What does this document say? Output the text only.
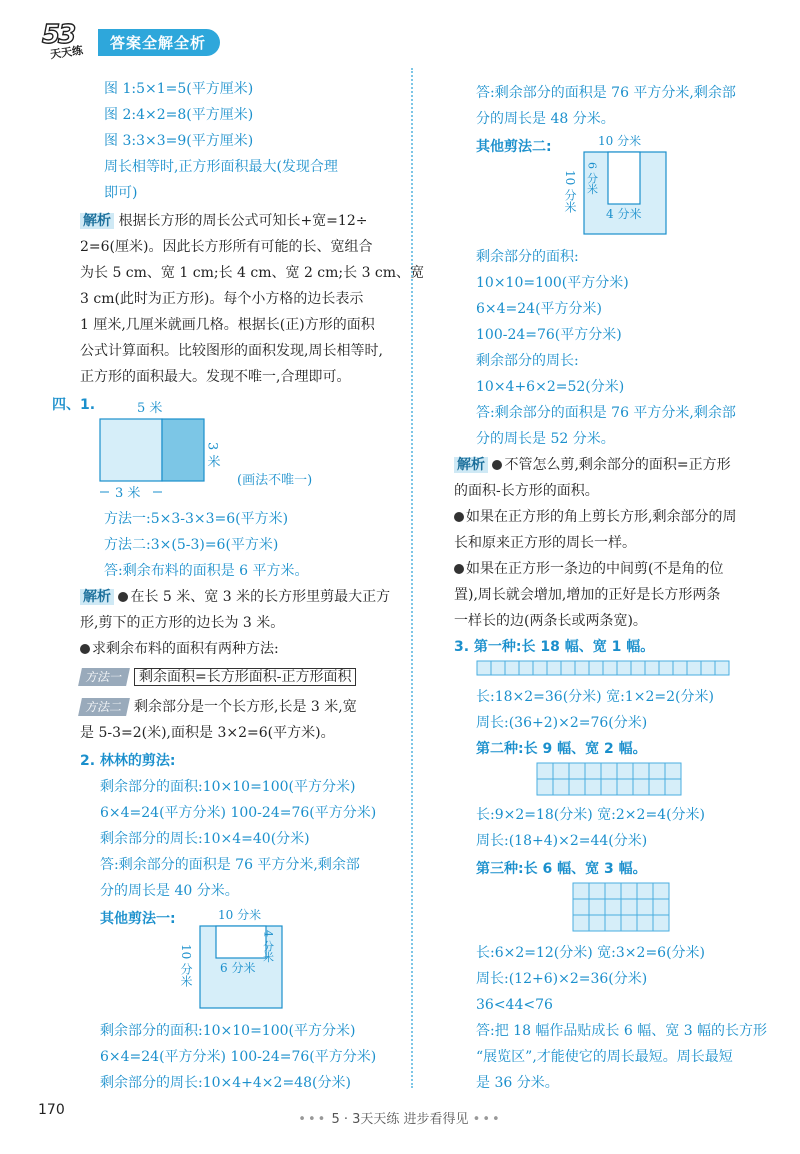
53
天天练
答案全解全析
图 1:5×1=5(平方厘米)
图 2:4×2=8(平方厘米)
图 3:3×3=9(平方厘米)
周长相等时,正方形面积最大(发现合理
即可)
解析 根据长方形的周长公式可知长+宽=12÷
2=6(厘米)。因此长方形所有可能的长、宽组合
为长 5 cm、宽 1 cm;长 4 cm、宽 2 cm;长 3 cm、宽
3 cm(此时为正方形)。每个小方格的边长表示
1 厘米,几厘米就画几格。根据长(正)方形的面积
公式计算面积。比较图形的面积发现,周长相等时,
正方形的面积最大。发现不唯一,合理即可。
四、1.	5 米
3 米
3 米
(画法不唯一)
方法一:5×3-3×3=6(平方米)
方法二:3×(5-3)=6(平方米)
答:剩余布料的面积是 6 平方米。
解析 在长 5 米、宽 3 米的长方形里剪最大正方
形,剪下的正方形的边长为 3 米。
求剩余布料的面积有两种方法:
方法一 剩余面积=长方形面积-正方形面积
方法二 剩余部分是一个长方形,长是 3 米,宽
是 5-3=2(米),面积是 3×2=6(平方米)。
2. 林林的剪法:
剩余部分的面积:10×10=100(平方分米)
6×4=24(平方分米) 100-24=76(平方分米)
剩余部分的周长:10×4=40(分米)
答:剩余部分的面积是 76 平方分米,剩余部
分的周长是 40 分米。
其他剪法一:	10 分米
4 分米
6 分米
10 分米
剩余部分的面积:10×10=100(平方分米)
6×4=24(平方分米) 100-24=76(平方分米)
剩余部分的周长:10×4+4×2=48(分米)
答:剩余部分的面积是 76 平方分米,剩余部
分的周长是 48 分米。
其他剪法二:	10 分米
6 分米
4 分米
10 分米
剩余部分的面积:
10×10=100(平方分米)
6×4=24(平方分米)
100-24=76(平方分米)
剩余部分的周长:
10×4+6×2=52(分米)
答:剩余部分的面积是 76 平方分米,剩余部
分的周长是 52 分米。
解析 不管怎么剪,剩余部分的面积=正方形
的面积-长方形的面积。
如果在正方形的角上剪长方形,剩余部分的周
长和原来正方形的周长一样。
如果在正方形一条边的中间剪(不是角的位
置),周长就会增加,增加的正好是长方形两条
一样长的边(两条长或两条宽)。
3. 第一种:长 18 幅、宽 1 幅。
长:18×2=36(分米) 宽:1×2=2(分米)
周长:(36+2)×2=76(分米)
第二种:长 9 幅、宽 2 幅。
长:9×2=18(分米) 宽:2×2=4(分米)
周长:(18+4)×2=44(分米)
第三种:长 6 幅、宽 3 幅。
长:6×2=12(分米) 宽:3×2=6(分米)
周长:(12+6)×2=36(分米)
36<44<76
答:把 18 幅作品贴成长 6 幅、宽 3 幅的长方形
“展览区”,才能使它的周长最短。周长最短
是 36 分米。
170
••• 5 · 3天天练 进步看得见 •••
